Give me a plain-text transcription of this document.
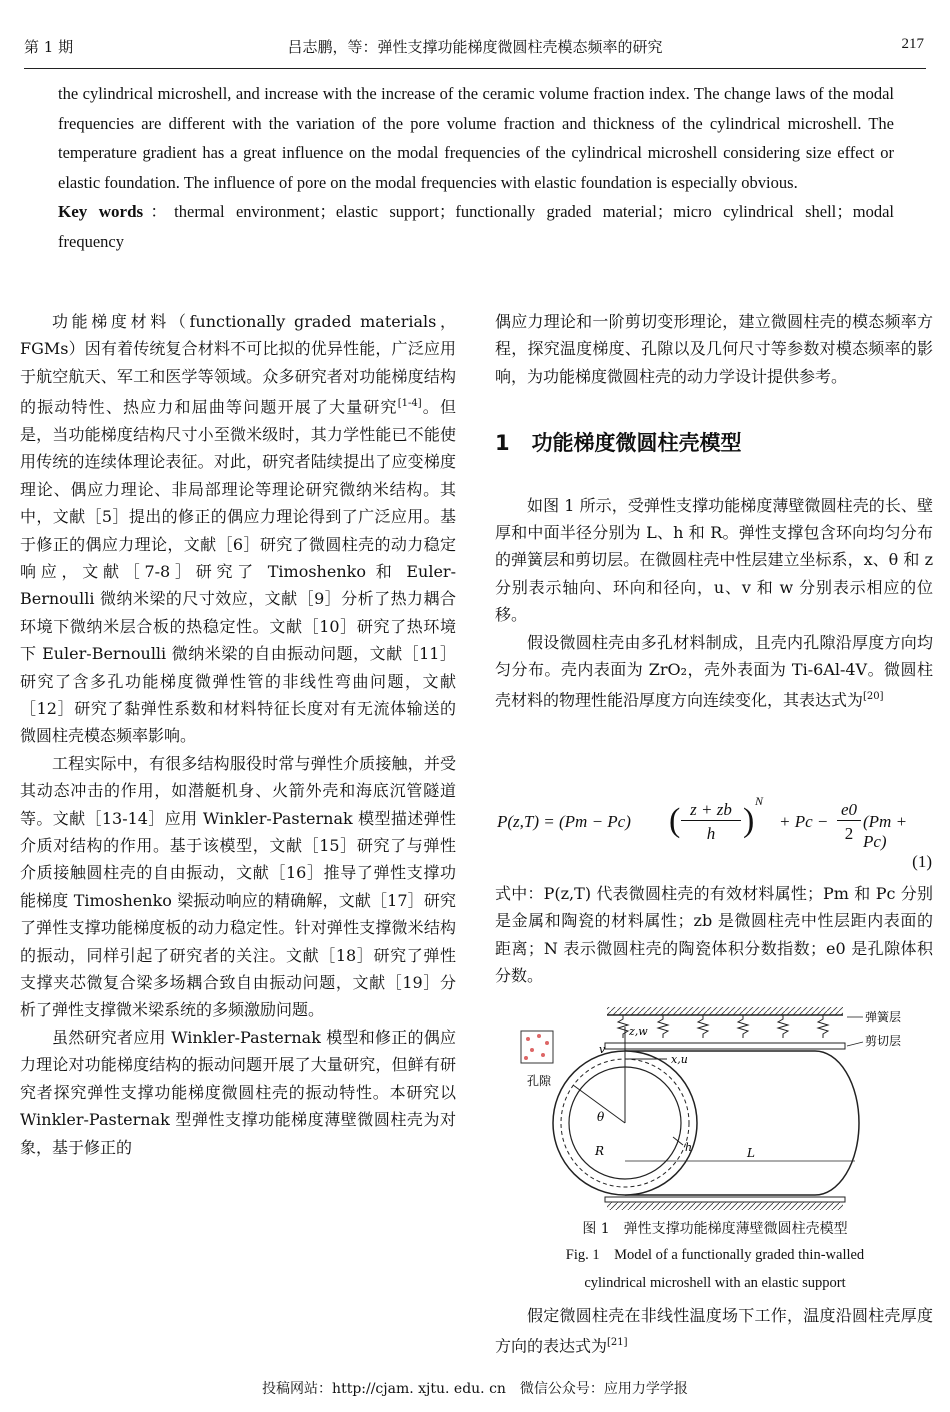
第 1 期	吕志鹏，等：弹性支撑功能梯度微圆柱壳模态频率的研究	217

the cylindrical microshell, and increase with the increase of the ceramic volume fraction index. The change laws of the modal frequencies are different with the variation of the pore volume fraction and thickness of the cylindrical microshell. The temperature gradient has a great influence on the modal frequencies of the cylindrical microshell considering size effect or elastic foundation. The influence of pore on the modal frequencies with elastic foundation is especially obvious.

Key words：thermal environment；elastic support；functionally graded material；micro cylindrical shell；modal frequency

功能梯度材料（functionally graded materials，FGMs）因有着传统复合材料不可比拟的优异性能，广泛应用于航空航天、军工和医学等领域。众多研究者对功能梯度结构的振动特性、热应力和屈曲等问题开展了大量研究[1-4]。但是，当功能梯度结构尺寸小至微米级时，其力学性能已不能使用传统的连续体理论表征。对此，研究者陆续提出了应变梯度理论、偶应力理论、非局部理论等理论研究微纳米结构。其中，文献［5］提出的修正的偶应力理论得到了广泛应用。基于修正的偶应力理论，文献［6］研究了微圆柱壳的动力稳定响应，文献［7-8］研究了 Timoshenko 和 Euler-Bernoulli 微纳米梁的尺寸效应，文献［9］分析了热力耦合环境下微纳米层合板的热稳定性。文献［10］研究了热环境下 Euler-Bernoulli 微纳米梁的自由振动问题，文献［11］研究了含多孔功能梯度微弹性管的非线性弯曲问题，文献［12］研究了黏弹性系数和材料特征长度对有无流体输送的微圆柱壳模态频率影响。

工程实际中，有很多结构服役时常与弹性介质接触，并受其动态冲击的作用，如潜艇机身、火箭外壳和海底沉管隧道等。文献［13-14］应用 Winkler-Pasternak 模型描述弹性介质对结构的作用。基于该模型，文献［15］研究了与弹性介质接触圆柱壳的自由振动，文献［16］推导了弹性支撑功能梯度 Timoshenko 梁振动响应的精确解，文献［17］研究了弹性支撑功能梯度板的动力稳定性。针对弹性支撑微米结构的振动，同样引起了研究者的关注。文献［18］研究了弹性支撑夹芯微复合梁多场耦合致自由振动问题，文献［19］分析了弹性支撑微米梁系统的多频激励问题。

虽然研究者应用 Winkler-Pasternak 模型和修正的偶应力理论对功能梯度结构的振动问题开展了大量研究，但鲜有研究者探究弹性支撑功能梯度微圆柱壳的振动特性。本研究以 Winkler-Pasternak 型弹性支撑功能梯度薄壁微圆柱壳为对象，基于修正的

偶应力理论和一阶剪切变形理论，建立微圆柱壳的模态频率方程，探究温度梯度、孔隙以及几何尺寸等参数对模态频率的影响，为功能梯度微圆柱壳的动力学设计提供参考。

1 功能梯度微圆柱壳模型

如图 1 所示，受弹性支撑功能梯度薄壁微圆柱壳的长、壁厚和中面半径分别为 L、h 和 R。弹性支撑包含环向均匀分布的弹簧层和剪切层。在微圆柱壳中性层建立坐标系，x、θ 和 z 分别表示轴向、环向和径向，u、v 和 w 分别表示相应的位移。

假设微圆柱壳由多孔材料制成，且壳内孔隙沿厚度方向均匀分布。壳内表面为 ZrO₂，壳外表面为 Ti-6Al-4V。微圆柱壳材料的物理性能沿厚度方向连续变化，其表达式为[20]

P(z,T) = (Pm − Pc) ( z + zb
h )
N
+ Pc −
e0
2
(Pm + Pc)
(1)

式中：P(z,T) 代表微圆柱壳的有效材料属性；Pm 和 Pc 分别是金属和陶瓷的材料属性；zb 是微圆柱壳中性层距内表面的距离；N 表示微圆柱壳的陶瓷体积分数指数；e0 是孔隙体积分数。

孔隙
θ
R
z,w
v
x,u
h	L
弹簧层
剪切层
图 1　弹性支撑功能梯度薄壁微圆柱壳模型
Fig. 1　Model of a functionally graded thin-walled
cylindrical microshell with an elastic support

假定微圆柱壳在非线性温度场下工作，温度沿圆柱壳厚度方向的表达式为[21]

投稿网站：http://cjam. xjtu. edu. cn　微信公众号：应用力学学报
